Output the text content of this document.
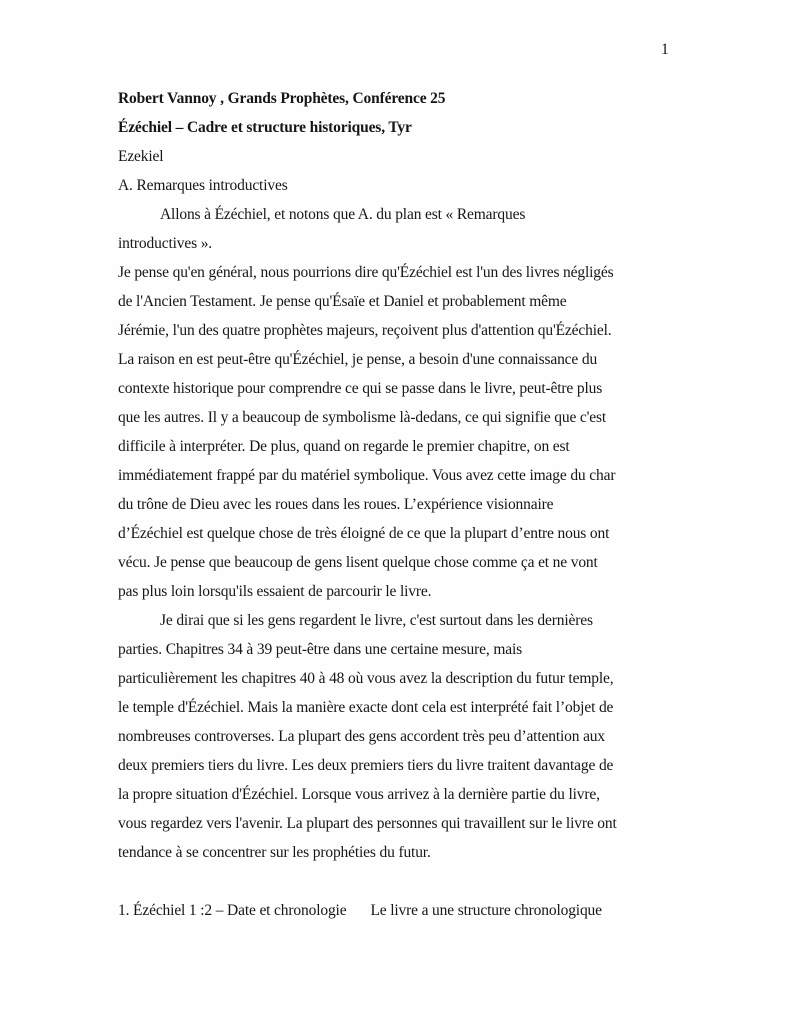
1
Robert Vannoy , Grands Prophètes, Conférence 25
Ézéchiel – Cadre et structure historiques, Tyr
Ezekiel
A. Remarques introductives
Allons à Ézéchiel, et notons que A. du plan est « Remarques
introductives ».
Je pense qu'en général, nous pourrions dire qu'Ézéchiel est l'un des livres négligés
de l'Ancien Testament. Je pense qu'Ésaïe et Daniel et probablement même
Jérémie, l'un des quatre prophètes majeurs, reçoivent plus d'attention qu'Ézéchiel.
La raison en est peut-être qu'Ézéchiel, je pense, a besoin d'une connaissance du
contexte historique pour comprendre ce qui se passe dans le livre, peut-être plus
que les autres. Il y a beaucoup de symbolisme là-dedans, ce qui signifie que c'est
difficile à interpréter. De plus, quand on regarde le premier chapitre, on est
immédiatement frappé par du matériel symbolique. Vous avez cette image du char
du trône de Dieu avec les roues dans les roues. L’expérience visionnaire
d’Ézéchiel est quelque chose de très éloigné de ce que la plupart d’entre nous ont
vécu. Je pense que beaucoup de gens lisent quelque chose comme ça et ne vont
pas plus loin lorsqu'ils essaient de parcourir le livre.
Je dirai que si les gens regardent le livre, c'est surtout dans les dernières
parties. Chapitres 34 à 39 peut-être dans une certaine mesure, mais
particulièrement les chapitres 40 à 48 où vous avez la description du futur temple,
le temple d'Ézéchiel. Mais la manière exacte dont cela est interprété fait l’objet de
nombreuses controverses. La plupart des gens accordent très peu d’attention aux
deux premiers tiers du livre. Les deux premiers tiers du livre traitent davantage de
la propre situation d'Ézéchiel. Lorsque vous arrivez à la dernière partie du livre,
vous regardez vers l'avenir. La plupart des personnes qui travaillent sur le livre ont
tendance à se concentrer sur les prophéties du futur.
1. Ézéchiel 1 :2 – Date et chronologie Le livre a une structure chronologique
